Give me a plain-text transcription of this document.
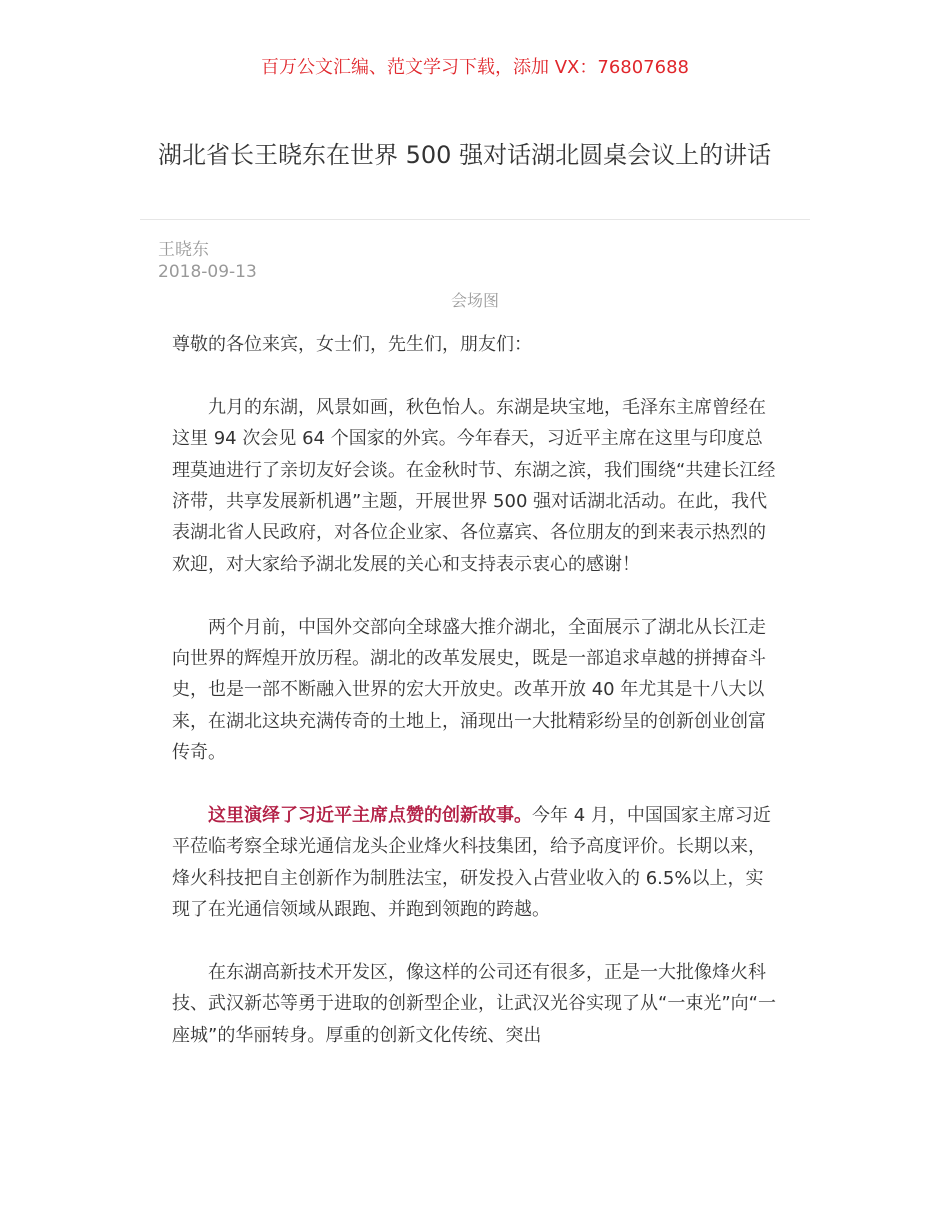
百万公文汇编、范文学习下载，添加 VX：76807688
湖北省长王晓东在世界 500 强对话湖北圆桌会议上的讲话
王晓东
2018-09-13
会场图

尊敬的各位来宾，女士们，先生们，朋友们：

九月的东湖，风景如画，秋色怡人。东湖是块宝地，毛泽东主席曾经在这里 94 次会见 64 个国家的外宾。今年春天，习近平主席在这里与印度总理莫迪进行了亲切友好会谈。在金秋时节、东湖之滨，我们围绕“共建长江经济带，共享发展新机遇”主题，开展世界 500 强对话湖北活动。在此，我代表湖北省人民政府，对各位企业家、各位嘉宾、各位朋友的到来表示热烈的欢迎，对大家给予湖北发展的关心和支持表示衷心的感谢！

两个月前，中国外交部向全球盛大推介湖北，全面展示了湖北从长江走向世界的辉煌开放历程。湖北的改革发展史，既是一部追求卓越的拼搏奋斗史，也是一部不断融入世界的宏大开放史。改革开放 40 年尤其是十八大以来，在湖北这块充满传奇的土地上，涌现出一大批精彩纷呈的创新创业创富传奇。

这里演绎了习近平主席点赞的创新故事。今年 4 月，中国国家主席习近平莅临考察全球光通信龙头企业烽火科技集团，给予高度评价。长期以来，烽火科技把自主创新作为制胜法宝，研发投入占营业收入的 6.5%以上，实现了在光通信领域从跟跑、并跑到领跑的跨越。

在东湖高新技术开发区，像这样的公司还有很多，正是一大批像烽火科技、武汉新芯等勇于进取的创新型企业，让武汉光谷实现了从“一束光”向“一座城”的华丽转身。厚重的创新文化传统、突出
